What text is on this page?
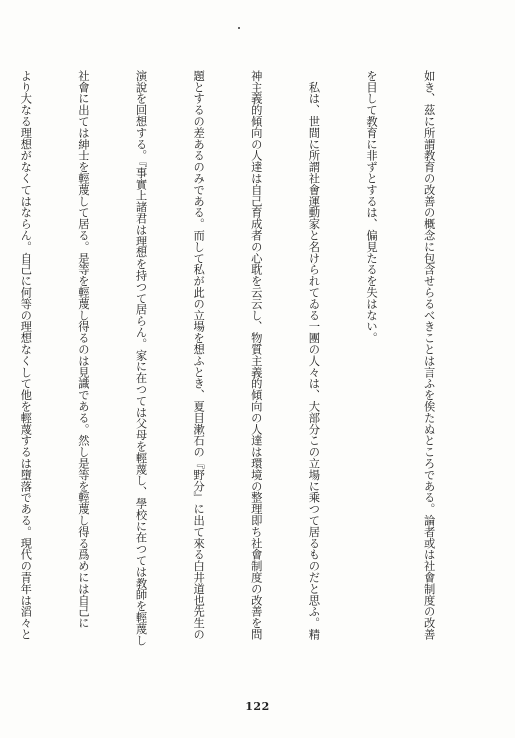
如き、茲に所謂教育の改善の概念に包含せらるべきことは言ふを俟たぬところである。論者或は社會制度の改善

を目して教育に非ずとするは、偏見たるを失はない。

　私は、世間に所謂社會運動家と名けられてゐる一團の人々は、大部分この立場に乘つて居るものだと思ふ。精

神主義的傾向の人達は自己育成者の心耽を云云し、物質主義的傾向の人達は環境の整理即ち社會制度の改善を問

題とするの差あるのみである。而して私が此の立場を想ふとき、夏目漱石の『野分』に出て來る白井道也先生の

演說を回想する。『事實上諸君は理想を持つて居らん。家に在つては父母を輕蔑し、學校に在つては教師を輕蔑し

社會に出ては紳士を輕蔑して居る。是等を輕蔑し得るのは見識である。然し是等を輕蔑し得る爲めには自己に

より大なる理想がなくてはならん。自己に何等の理想なくして他を輕蔑するは墮落である。現代の青年は滔々と

122
